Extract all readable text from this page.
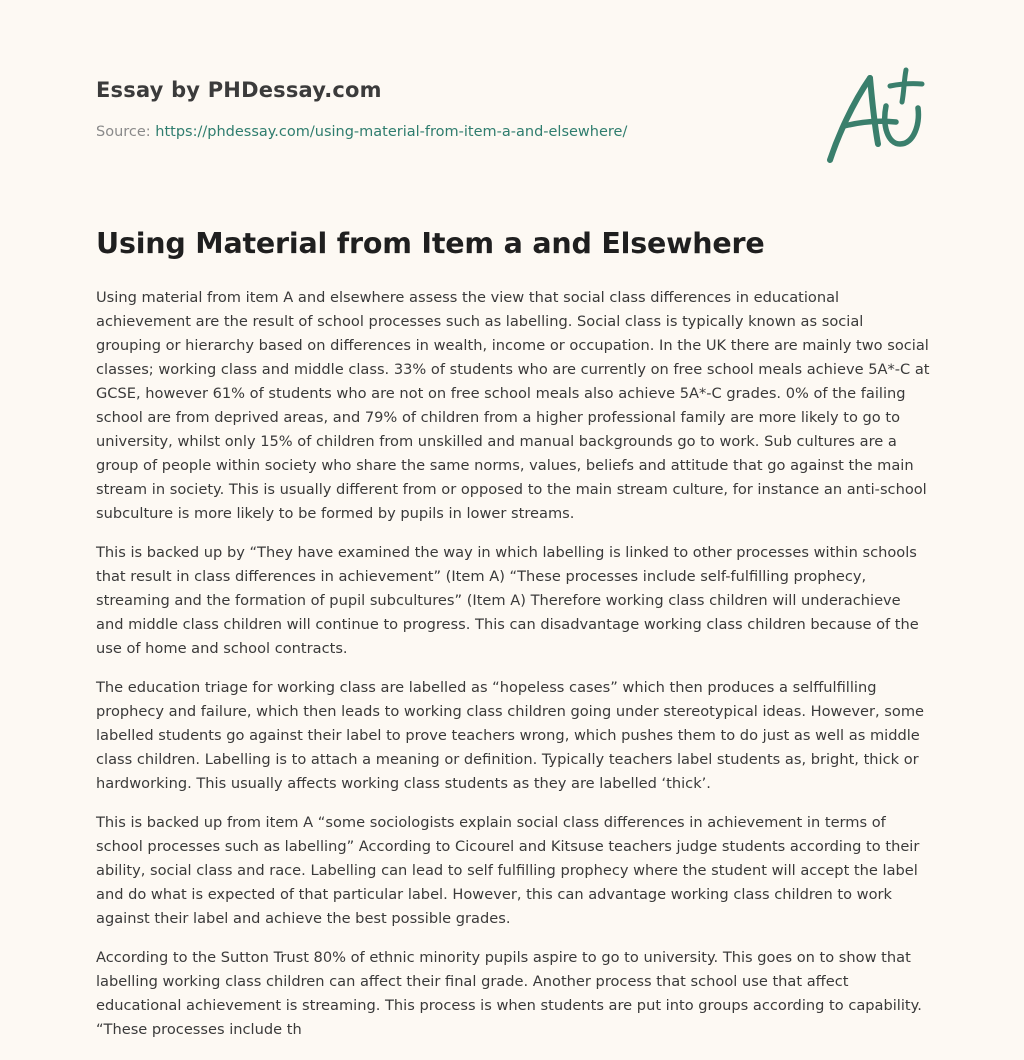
Essay by PHDessay.com
Source: https://phdessay.com/using-material-from-item-a-and-elsewhere/
Using Material from Item a and Elsewhere

Using material from item A and elsewhere assess the view that social class differences in educational achievement are the result of school processes such as labelling. Social class is typically known as social grouping or hierarchy based on differences in wealth, income or occupation. In the UK there are mainly two social classes; working class and middle class. 33% of students who are currently on free school meals achieve 5A*-C at GCSE, however 61% of students who are not on free school meals also achieve 5A*-C grades. 0% of the failing school are from deprived areas, and 79% of children from a higher professional family are more likely to go to university, whilst only 15% of children from unskilled and manual backgrounds go to work. Sub cultures are a group of people within society who share the same norms, values, beliefs and attitude that go against the main stream in society. This is usually different from or opposed to the main stream culture, for instance an anti-school subculture is more likely to be formed by pupils in lower streams.

This is backed up by “They have examined the way in which labelling is linked to other processes within schools that result in class differences in achievement” (Item A) “These processes include self-fulfilling prophecy, streaming and the formation of pupil subcultures” (Item A) Therefore working class children will underachieve and middle class children will continue to progress. This can disadvantage working class children because of the use of home and school contracts.

The education triage for working class are labelled as “hopeless cases” which then produces a selffulfilling prophecy and failure, which then leads to working class children going under stereotypical ideas. However, some labelled students go against their label to prove teachers wrong, which pushes them to do just as well as middle class children. Labelling is to attach a meaning or definition. Typically teachers label students as, bright, thick or hardworking. This usually affects working class students as they are labelled ‘thick’.

This is backed up from item A “some sociologists explain social class differences in achievement in terms of school processes such as labelling” According to Cicourel and Kitsuse teachers judge students according to their ability, social class and race. Labelling can lead to self fulfilling prophecy where the student will accept the label and do what is expected of that particular label. However, this can advantage working class children to work against their label and achieve the best possible grades.

According to the Sutton Trust 80% of ethnic minority pupils aspire to go to university. This goes on to show that labelling working class children can affect their final grade. Another process that school use that affect educational achievement is streaming. This process is when students are put into groups according to capability. “These processes include th
